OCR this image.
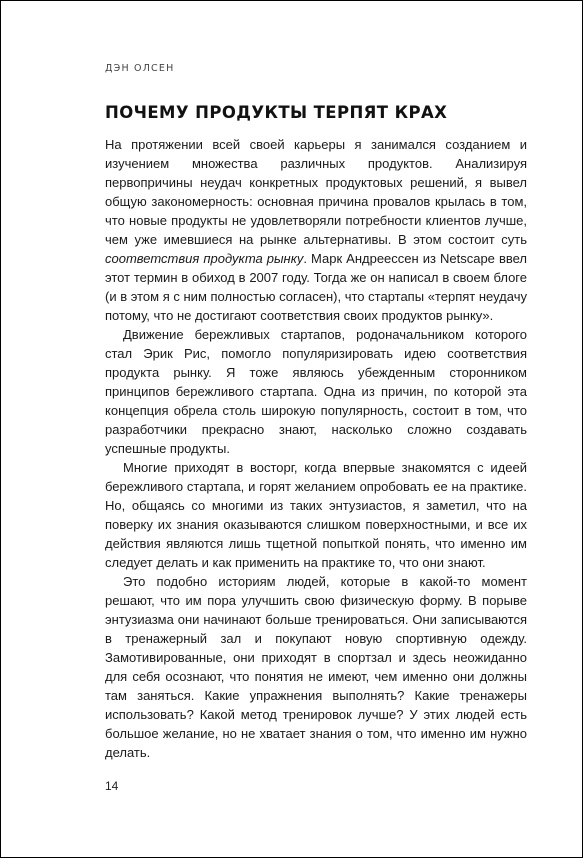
ДЭН ОЛСЕН
ПОЧЕМУ ПРОДУКТЫ ТЕРПЯТ КРАХ

На протяжении всей своей карьеры я занимался созданием и изучением множества различных продуктов. Анализируя первопричины неудач конкретных продуктовых решений, я вывел общую закономерность: основная причина провалов крылась в том, что новые продукты не удовлетворяли потребности клиентов лучше, чем уже имевшиеся на рынке альтернативы. В этом состоит суть соответствия продукта рынку. Марк Андреессен из Netscape ввел этот термин в обиход в 2007 году. Тогда же он написал в своем блоге (и в этом я с ним полностью согласен), что стартапы «терпят неудачу потому, что не достигают соответствия своих продуктов рынку».

Движение бережливых стартапов, родоначальником которого стал Эрик Рис, помогло популяризировать идею соответствия продукта рынку. Я тоже являюсь убежденным сторонником принципов бережливого стартапа. Одна из причин, по которой эта концепция обрела столь широкую популярность, состоит в том, что разработчики прекрасно знают, насколько сложно создавать успешные продукты.

Многие приходят в восторг, когда впервые знакомятся с идеей бережливого стартапа, и горят желанием опробовать ее на практике. Но, общаясь со многими из таких энтузиастов, я заметил, что на поверку их знания оказываются слишком поверхностными, и все их действия являются лишь тщетной попыткой понять, что именно им следует делать и как применить на практике то, что они знают.

Это подобно историям людей, которые в какой-то момент решают, что им пора улучшить свою физическую форму. В порыве энтузиазма они начинают больше тренироваться. Они записываются в тренажерный зал и покупают новую спортивную одежду. Замотивированные, они приходят в спортзал и здесь неожиданно для себя осознают, что понятия не имеют, чем именно они должны там заняться. Какие упражнения выполнять? Какие тренажеры использовать? Какой метод тренировок лучше? У этих людей есть большое желание, но не хватает знания о том, что именно им нужно делать.

14
